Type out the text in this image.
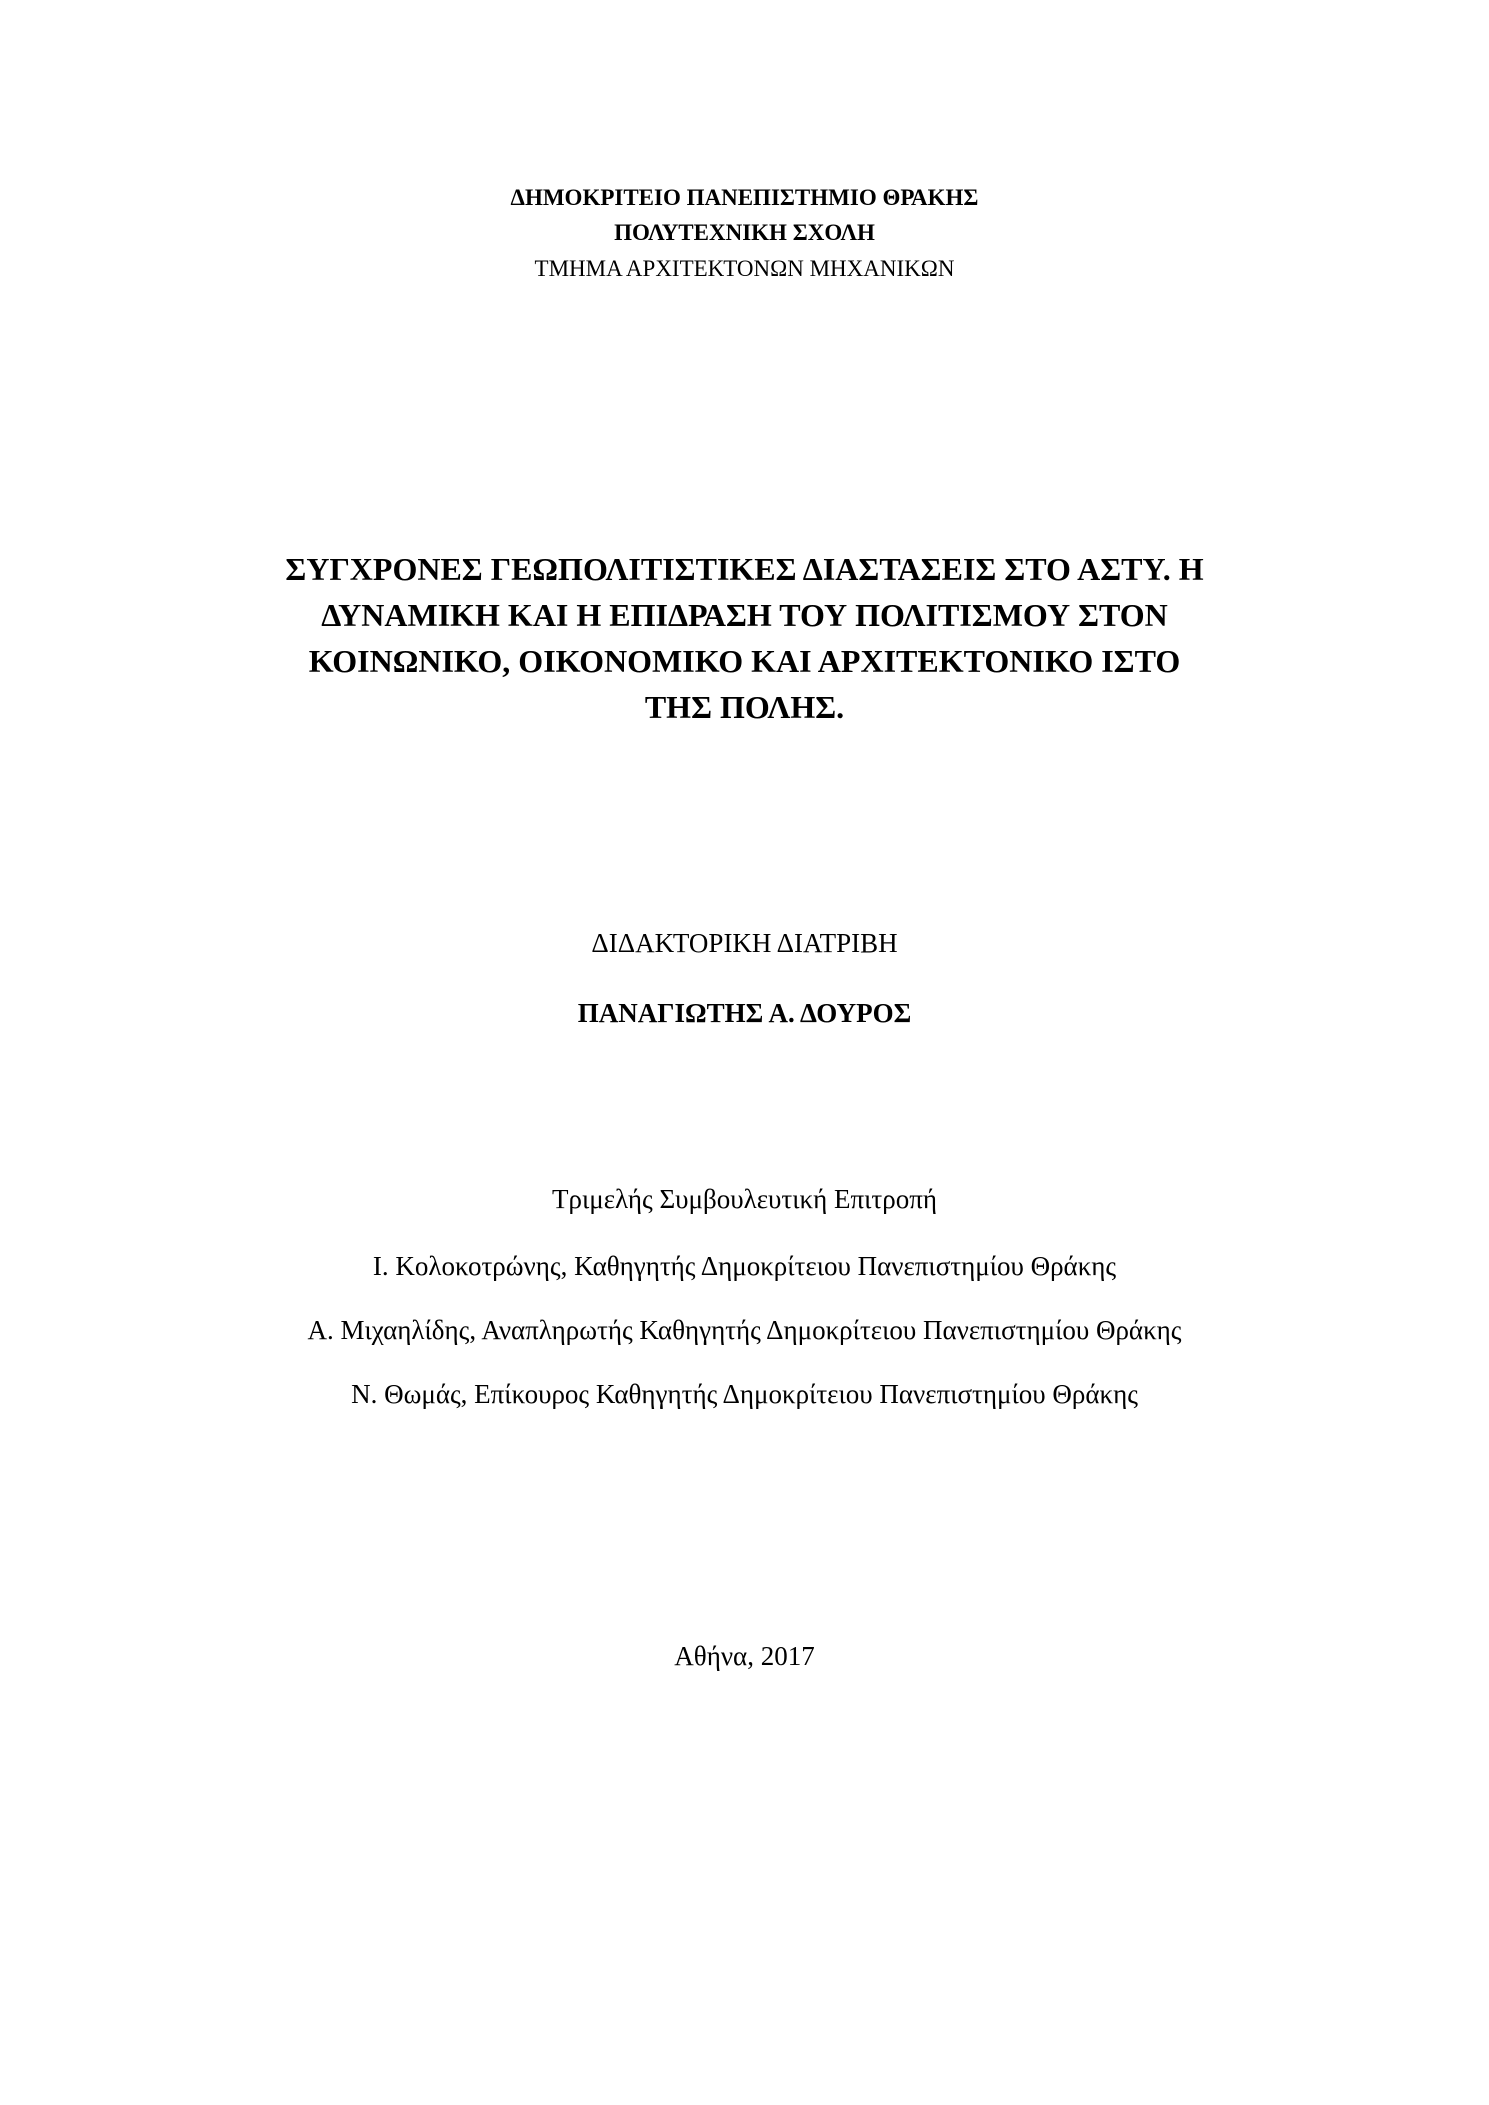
ΔΗΜΟΚΡΙΤΕΙΟ ΠΑΝΕΠΙΣΤΗΜΙΟ ΘΡΑΚΗΣ
ΠΟΛΥΤΕΧΝΙΚΗ ΣΧΟΛΗ
ΤΜΗΜΑ ΑΡΧΙΤΕΚΤΟΝΩΝ ΜΗΧΑΝΙΚΩΝ
ΣΥΓΧΡΟΝΕΣ ΓΕΩΠΟΛΙΤΙΣΤΙΚΕΣ ΔΙΑΣΤΑΣΕΙΣ ΣΤΟ ΑΣΤΥ. Η
ΔΥΝΑΜΙΚΗ ΚΑΙ Η ΕΠΙΔΡΑΣΗ ΤΟΥ ΠΟΛΙΤΙΣΜΟΥ ΣΤΟΝ
ΚΟΙΝΩΝΙΚΟ, ΟΙΚΟΝΟΜΙΚΟ ΚΑΙ ΑΡΧΙΤΕΚΤΟΝΙΚΟ ΙΣΤΟ
ΤΗΣ ΠΟΛΗΣ.
ΔΙΔΑΚΤΟΡΙΚΗ ΔΙΑΤΡΙΒΗ
ΠΑΝΑΓΙΩΤΗΣ Α. ΔΟΥΡΟΣ
Τριμελής Συμβουλευτική Επιτροπή
Ι. Κολοκοτρώνης, Καθηγητής Δημοκρίτειου Πανεπιστημίου Θράκης
Α. Μιχαηλίδης, Αναπληρωτής Καθηγητής Δημοκρίτειου Πανεπιστημίου Θράκης
Ν. Θωμάς, Επίκουρος Καθηγητής Δημοκρίτειου Πανεπιστημίου Θράκης
Αθήνα, 2017
